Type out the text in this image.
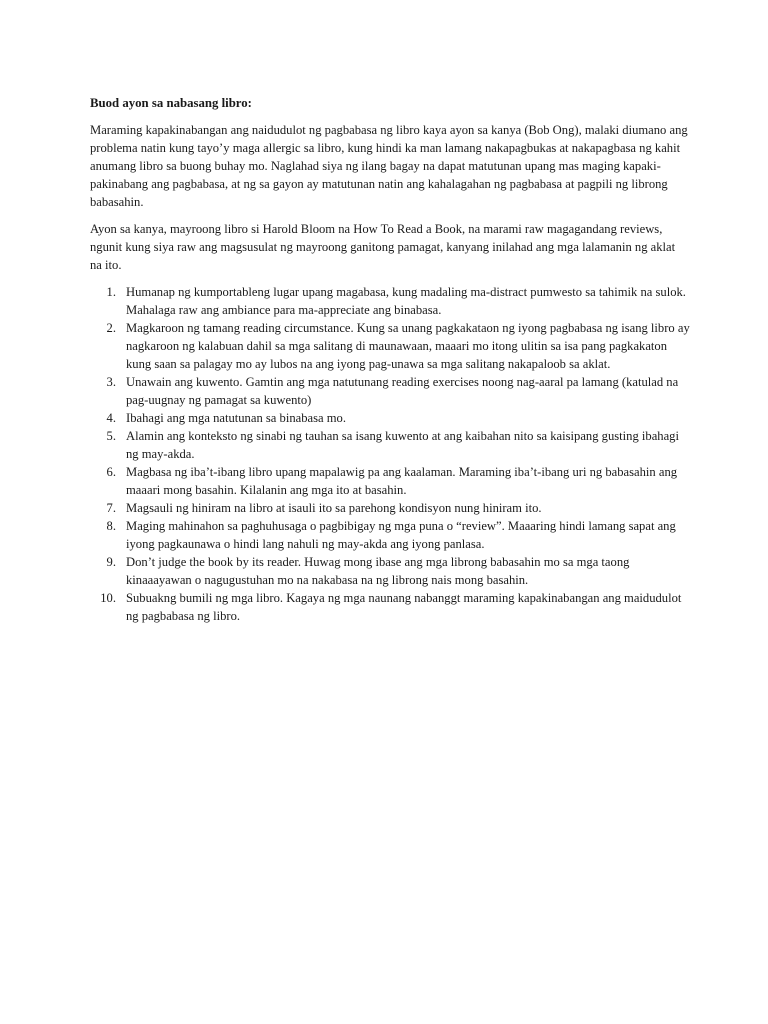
Buod ayon sa nabasang libro:

Maraming kapakinabangan ang naidudulot ng pagbabasa ng libro kaya ayon sa kanya (Bob Ong), malaki diumano ang problema natin kung tayo’y maga allergic sa libro, kung hindi ka man lamang nakapagbukas at nakapagbasa ng kahit anumang libro sa buong buhay mo. Naglahad siya ng ilang bagay na dapat matutunan upang mas maging kapaki-pakinabang ang pagbabasa, at ng sa gayon ay matutunan natin ang kahalagahan ng pagbabasa at pagpili ng librong babasahin.

Ayon sa kanya, mayroong libro si Harold Bloom na How To Read a Book, na marami raw magagandang reviews, ngunit kung siya raw ang magsusulat ng mayroong ganitong pamagat, kanyang inilahad ang mga lalamanin ng aklat na ito.

1. Humanap ng kumportableng lugar upang magabasa, kung madaling ma-distract pumwesto sa tahimik na sulok. Mahalaga raw ang ambiance para ma-appreciate ang binabasa.
2. Magkaroon ng tamang reading circumstance. Kung sa unang pagkakataon ng iyong pagbabasa ng isang libro ay nagkaroon ng kalabuan dahil sa mga salitang di maunawaan, maaari mo itong ulitin sa isa pang pagkakaton kung saan sa palagay mo ay lubos na ang iyong pag-unawa sa mga salitang nakapaloob sa aklat.
3. Unawain ang kuwento. Gamtin ang mga natutunang reading exercises noong nag-aaral pa lamang (katulad na pag-uugnay ng pamagat sa kuwento)
4. Ibahagi ang mga natutunan sa binabasa mo.
5. Alamin ang konteksto ng sinabi ng tauhan sa isang kuwento at ang kaibahan nito sa kaisipang gusting ibahagi ng may-akda.
6. Magbasa ng iba’t-ibang libro upang mapalawig pa ang kaalaman. Maraming iba’t-ibang uri ng babasahin ang maaari mong basahin. Kilalanin ang mga ito at basahin.
7. Magsauli ng hiniram na libro at isauli ito sa parehong kondisyon nung hiniram ito.
8. Maging mahinahon sa paghuhusaga o pagbibigay ng mga puna o “review”. Maaaring hindi lamang sapat ang iyong pagkaunawa o hindi lang nahuli ng may-akda ang iyong panlasa.
9. Don’t judge the book by its reader. Huwag mong ibase ang mga librong babasahin mo sa mga taong kinaaayawan o nagugustuhan mo na nakabasa na ng librong nais mong basahin.
10. Subuakng bumili ng mga libro. Kagaya ng mga naunang nabanggt maraming kapakinabangan ang maidudulot ng pagbabasa ng libro.
